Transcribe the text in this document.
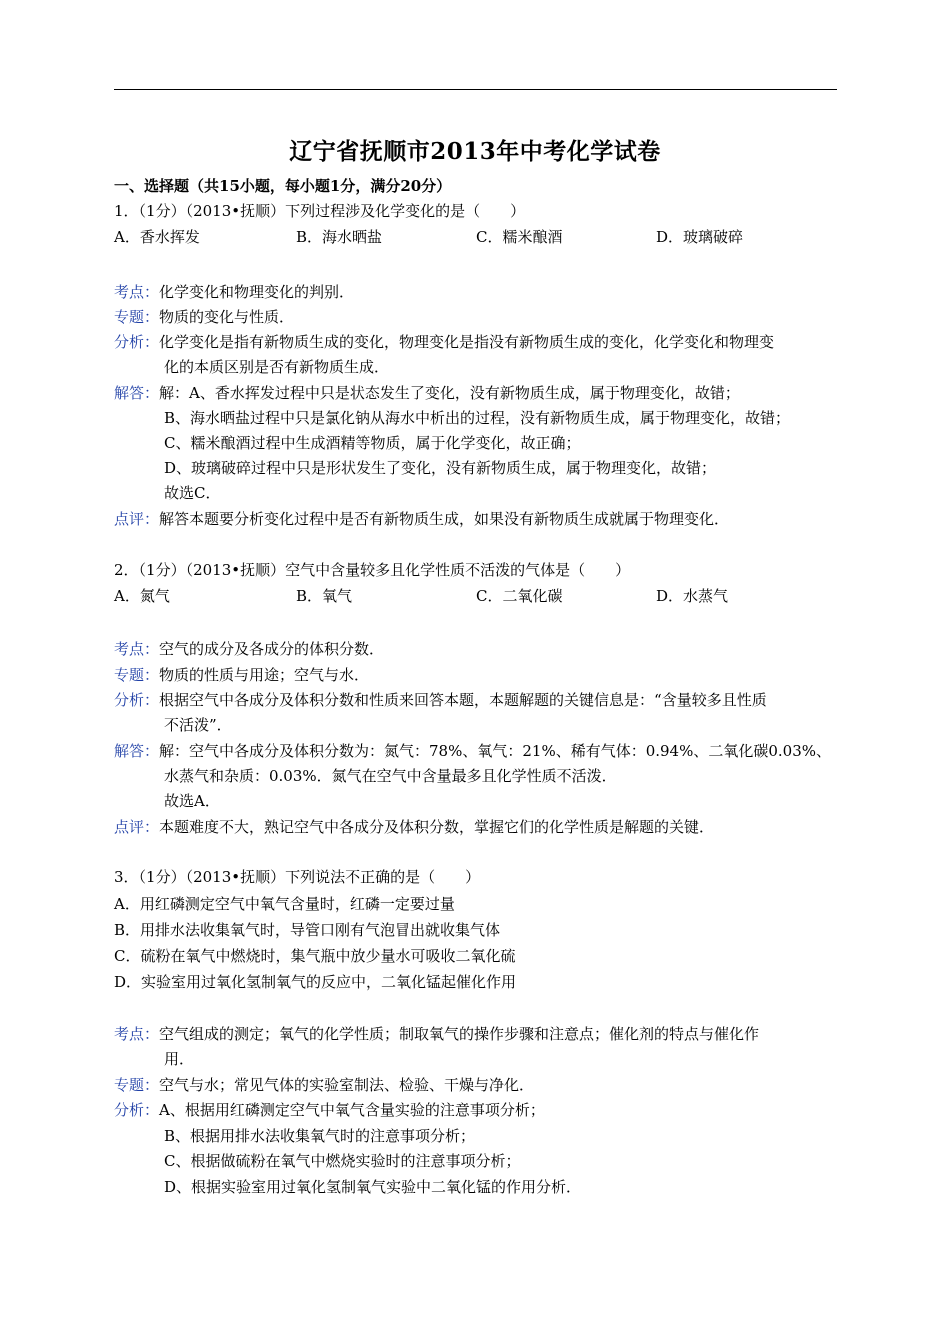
辽宁省抚顺市2013年中考化学试卷
一、选择题（共15小题，每小题1分，满分20分）
1．（1分）（2013•抚顺）下列过程涉及化学变化的是（　　）
A．香水挥发	B．海水晒盐	C．糯米酿酒	D．玻璃破碎
考点：化学变化和物理变化的判别．
专题：物质的变化与性质．
分析：化学变化是指有新物质生成的变化，物理变化是指没有新物质生成的变化，化学变化和物理变
化的本质区别是否有新物质生成．
解答：解：A、香水挥发过程中只是状态发生了变化，没有新物质生成，属于物理变化，故错；
B、海水晒盐过程中只是氯化钠从海水中析出的过程，没有新物质生成，属于物理变化，故错；
C、糯米酿酒过程中生成酒精等物质，属于化学变化，故正确；
D、玻璃破碎过程中只是形状发生了变化，没有新物质生成，属于物理变化，故错；
故选C．
点评：解答本题要分析变化过程中是否有新物质生成，如果没有新物质生成就属于物理变化．
2．（1分）（2013•抚顺）空气中含量较多且化学性质不活泼的气体是（　　）
A．氮气	B．氧气	C．二氧化碳	D．水蒸气
考点：空气的成分及各成分的体积分数．
专题：物质的性质与用途；空气与水．
分析：根据空气中各成分及体积分数和性质来回答本题，本题解题的关键信息是：“含量较多且性质
不活泼”．
解答：解：空气中各成分及体积分数为：氮气：78%、氧气：21%、稀有气体：0.94%、二氧化碳0.03%、
水蒸气和杂质：0.03%．氮气在空气中含量最多且化学性质不活泼．
故选A．
点评：本题难度不大，熟记空气中各成分及体积分数，掌握它们的化学性质是解题的关键．
3．（1分）（2013•抚顺）下列说法不正确的是（　　）
A．用红磷测定空气中氧气含量时，红磷一定要过量
B．用排水法收集氧气时，导管口刚有气泡冒出就收集气体
C．硫粉在氧气中燃烧时，集气瓶中放少量水可吸收二氧化硫
D．实验室用过氧化氢制氧气的反应中，二氧化锰起催化作用
考点：空气组成的测定；氧气的化学性质；制取氧气的操作步骤和注意点；催化剂的特点与催化作
用．
专题：空气与水；常见气体的实验室制法、检验、干燥与净化．
分析：A、根据用红磷测定空气中氧气含量实验的注意事项分析；
B、根据用排水法收集氧气时的注意事项分析；
C、根据做硫粉在氧气中燃烧实验时的注意事项分析；
D、根据实验室用过氧化氢制氧气实验中二氧化锰的作用分析．
